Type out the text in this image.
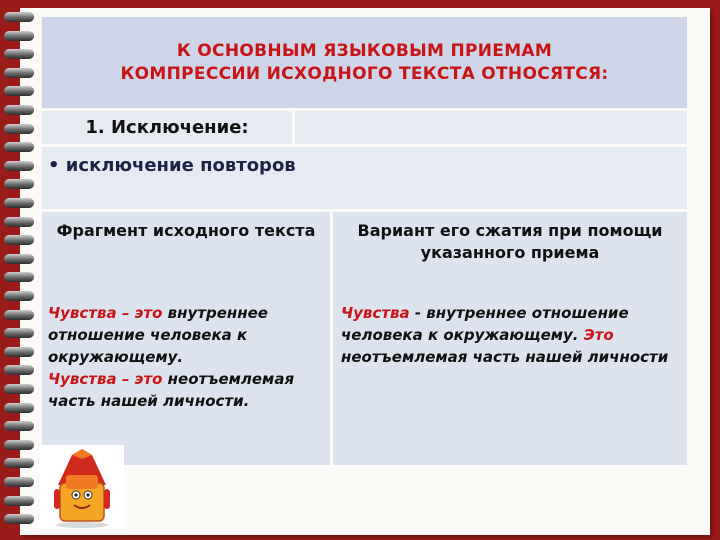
К ОСНОВНЫМ ЯЗЫКОВЫМ ПРИЕМАМ КОМПРЕССИИ ИСХОДНОГО ТЕКСТА ОТНОСЯТСЯ:
1. Исключение:
• исключение повторов
Фрагмент исходного текста
Чувства – это внутреннее отношение человека к окружающему.
Чувства – это неотъемлемая часть нашей личности.
Вариант его сжатия при помощи указанного приема
Чувства - внутреннее отношение человека к окружающему. Это неотъемлемая часть нашей личности
